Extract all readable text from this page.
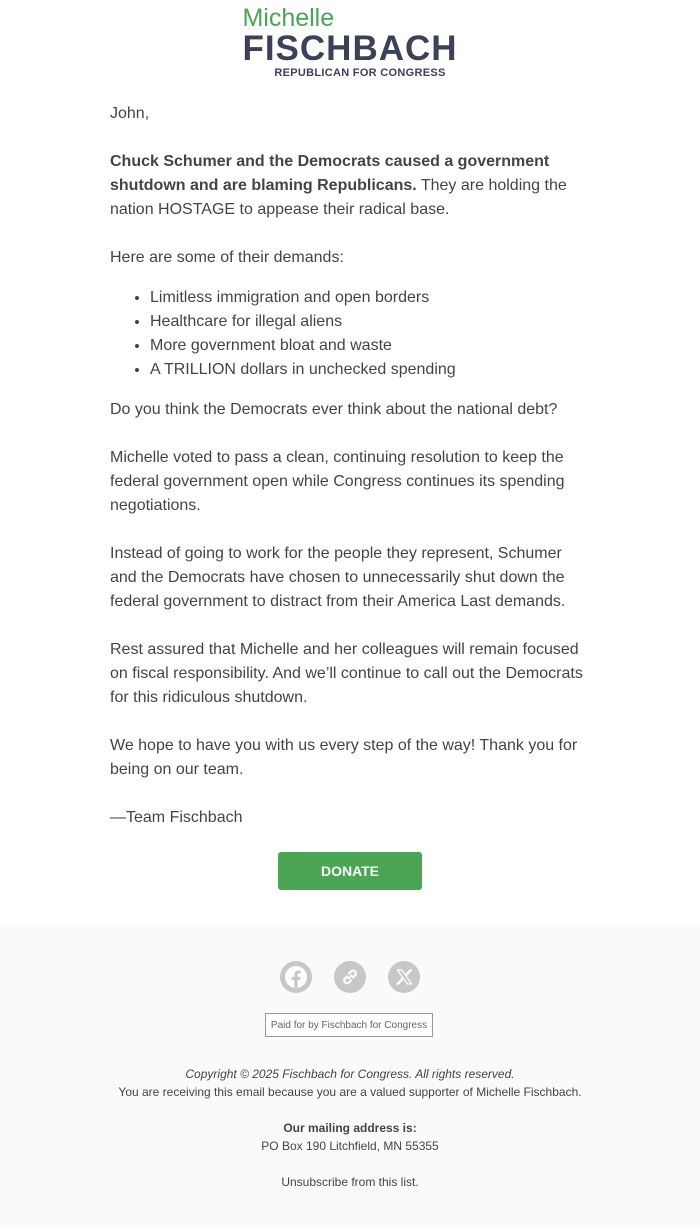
Michelle
FISCHBACH
REPUBLICAN FOR CONGRESS

John,

Chuck Schumer and the Democrats caused a government shutdown and are blaming Republicans. They are holding the nation HOSTAGE to appease their radical base.

Here are some of their demands:

• Limitless immigration and open borders
• Healthcare for illegal aliens
• More government bloat and waste
• A TRILLION dollars in unchecked spending

Do you think the Democrats ever think about the national debt?

Michelle voted to pass a clean, continuing resolution to keep the federal government open while Congress continues its spending negotiations.

Instead of going to work for the people they represent, Schumer and the Democrats have chosen to unnecessarily shut down the federal government to distract from their America Last demands.

Rest assured that Michelle and her colleagues will remain focused on fiscal responsibility. And we’ll continue to call out the Democrats for this ridiculous shutdown.

We hope to have you with us every step of the way! Thank you for being on our team.

—Team Fischbach

DONATE

Paid for by Fischbach for Congress
Copyright © 2025 Fischbach for Congress. All rights reserved.
You are receiving this email because you are a valued supporter of Michelle Fischbach.
Our mailing address is:
PO Box 190 Litchfield, MN 55355
Unsubscribe from this list.
